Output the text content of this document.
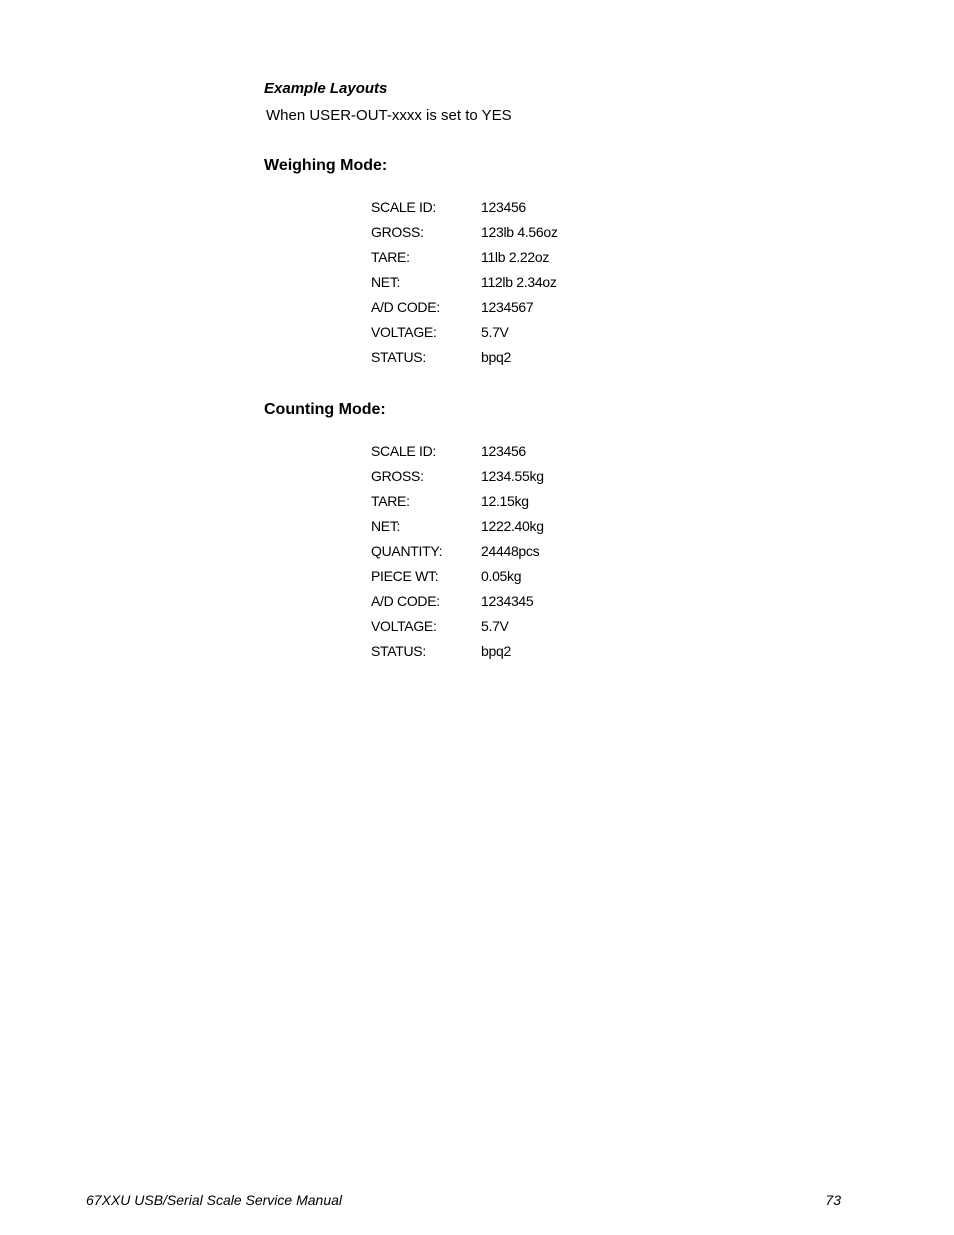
Example Layouts
When USER-OUT-xxxx is set to YES
Weighing Mode:
SCALE ID:	123456
GROSS:	123lb 4.56oz
TARE:	11lb 2.22oz
NET:	112lb 2.34oz
A/D CODE:	1234567
VOLTAGE:	5.7V
STATUS:	bpq2
Counting Mode:
SCALE ID:	123456
GROSS:	1234.55kg
TARE:	12.15kg
NET:	1222.40kg
QUANTITY:	24448pcs
PIECE WT:	0.05kg
A/D CODE:	1234345
VOLTAGE:	5.7V
STATUS:	bpq2
67XXU USB/Serial Scale Service Manual	73
